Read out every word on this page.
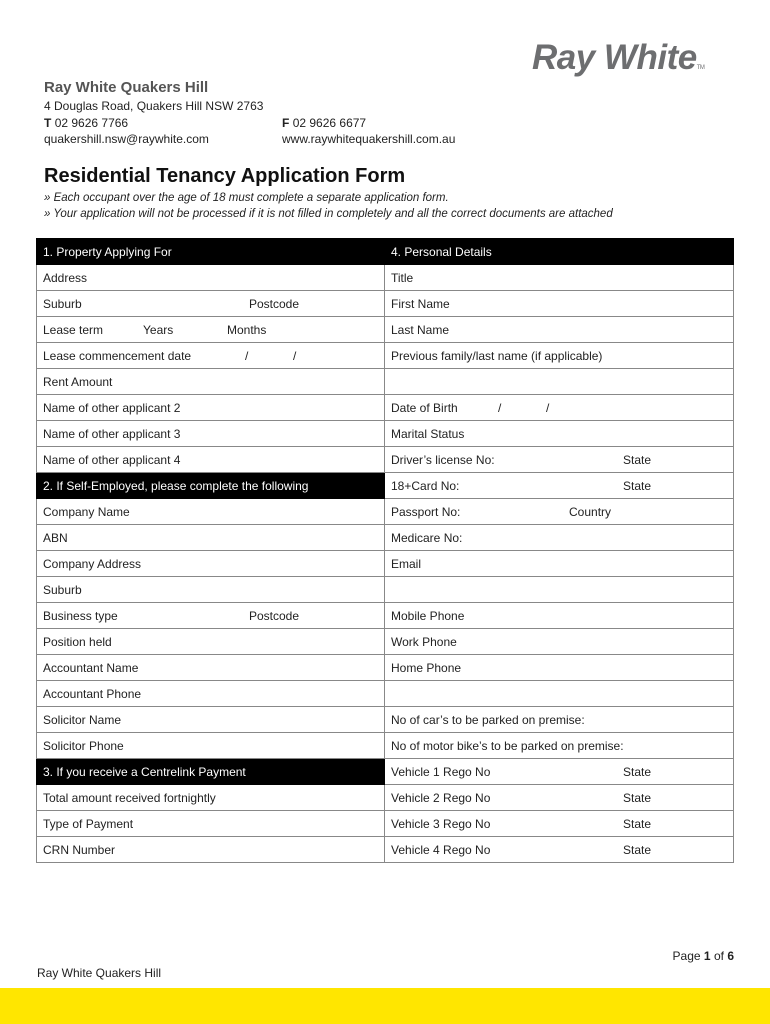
Ray WhiteTM
Ray White Quakers Hill
4 Douglas Road, Quakers Hill NSW 2763
T 02 9626 7766	F 02 9626 6677
quakershill.nsw@raywhite.com	www.raywhitequakershill.com.au
Residential Tenancy Application Form
» Each occupant over the age of 18 must complete a separate application form.
» Your application will not be processed if it is not filled in completely and all the correct documents are attached
1. Property Applying For	4. Personal Details
Address	Title
Suburb Postcode	First Name
Lease term Years Months	Last Name
Lease commencement date / /	Previous family/last name (if applicable)
Rent Amount	
Name of other applicant 2	Date of Birth / /

Name of other applicant 3	Marital Status
Name of other applicant 4	Driver’s license No: State

2. If Self-Employed, please complete the following	18+Card No: State

Company Name	Passport No: Country

ABN	Medicare No:
Company Address	Email
Suburb	
Business type Postcode	Mobile Phone
Position held	Work Phone
Accountant Name	Home Phone
Accountant Phone	
Solicitor Name	No of car’s to be parked on premise:
Solicitor Phone	No of motor bike’s to be parked on premise:
3. If you receive a Centrelink Payment	Vehicle 1 Rego No State

Total amount received fortnightly	Vehicle 2 Rego No State

Type of Payment	Vehicle 3 Rego No State

CRN Number	Vehicle 4 Rego No State
Page 1 of 6
Ray White Quakers Hill
